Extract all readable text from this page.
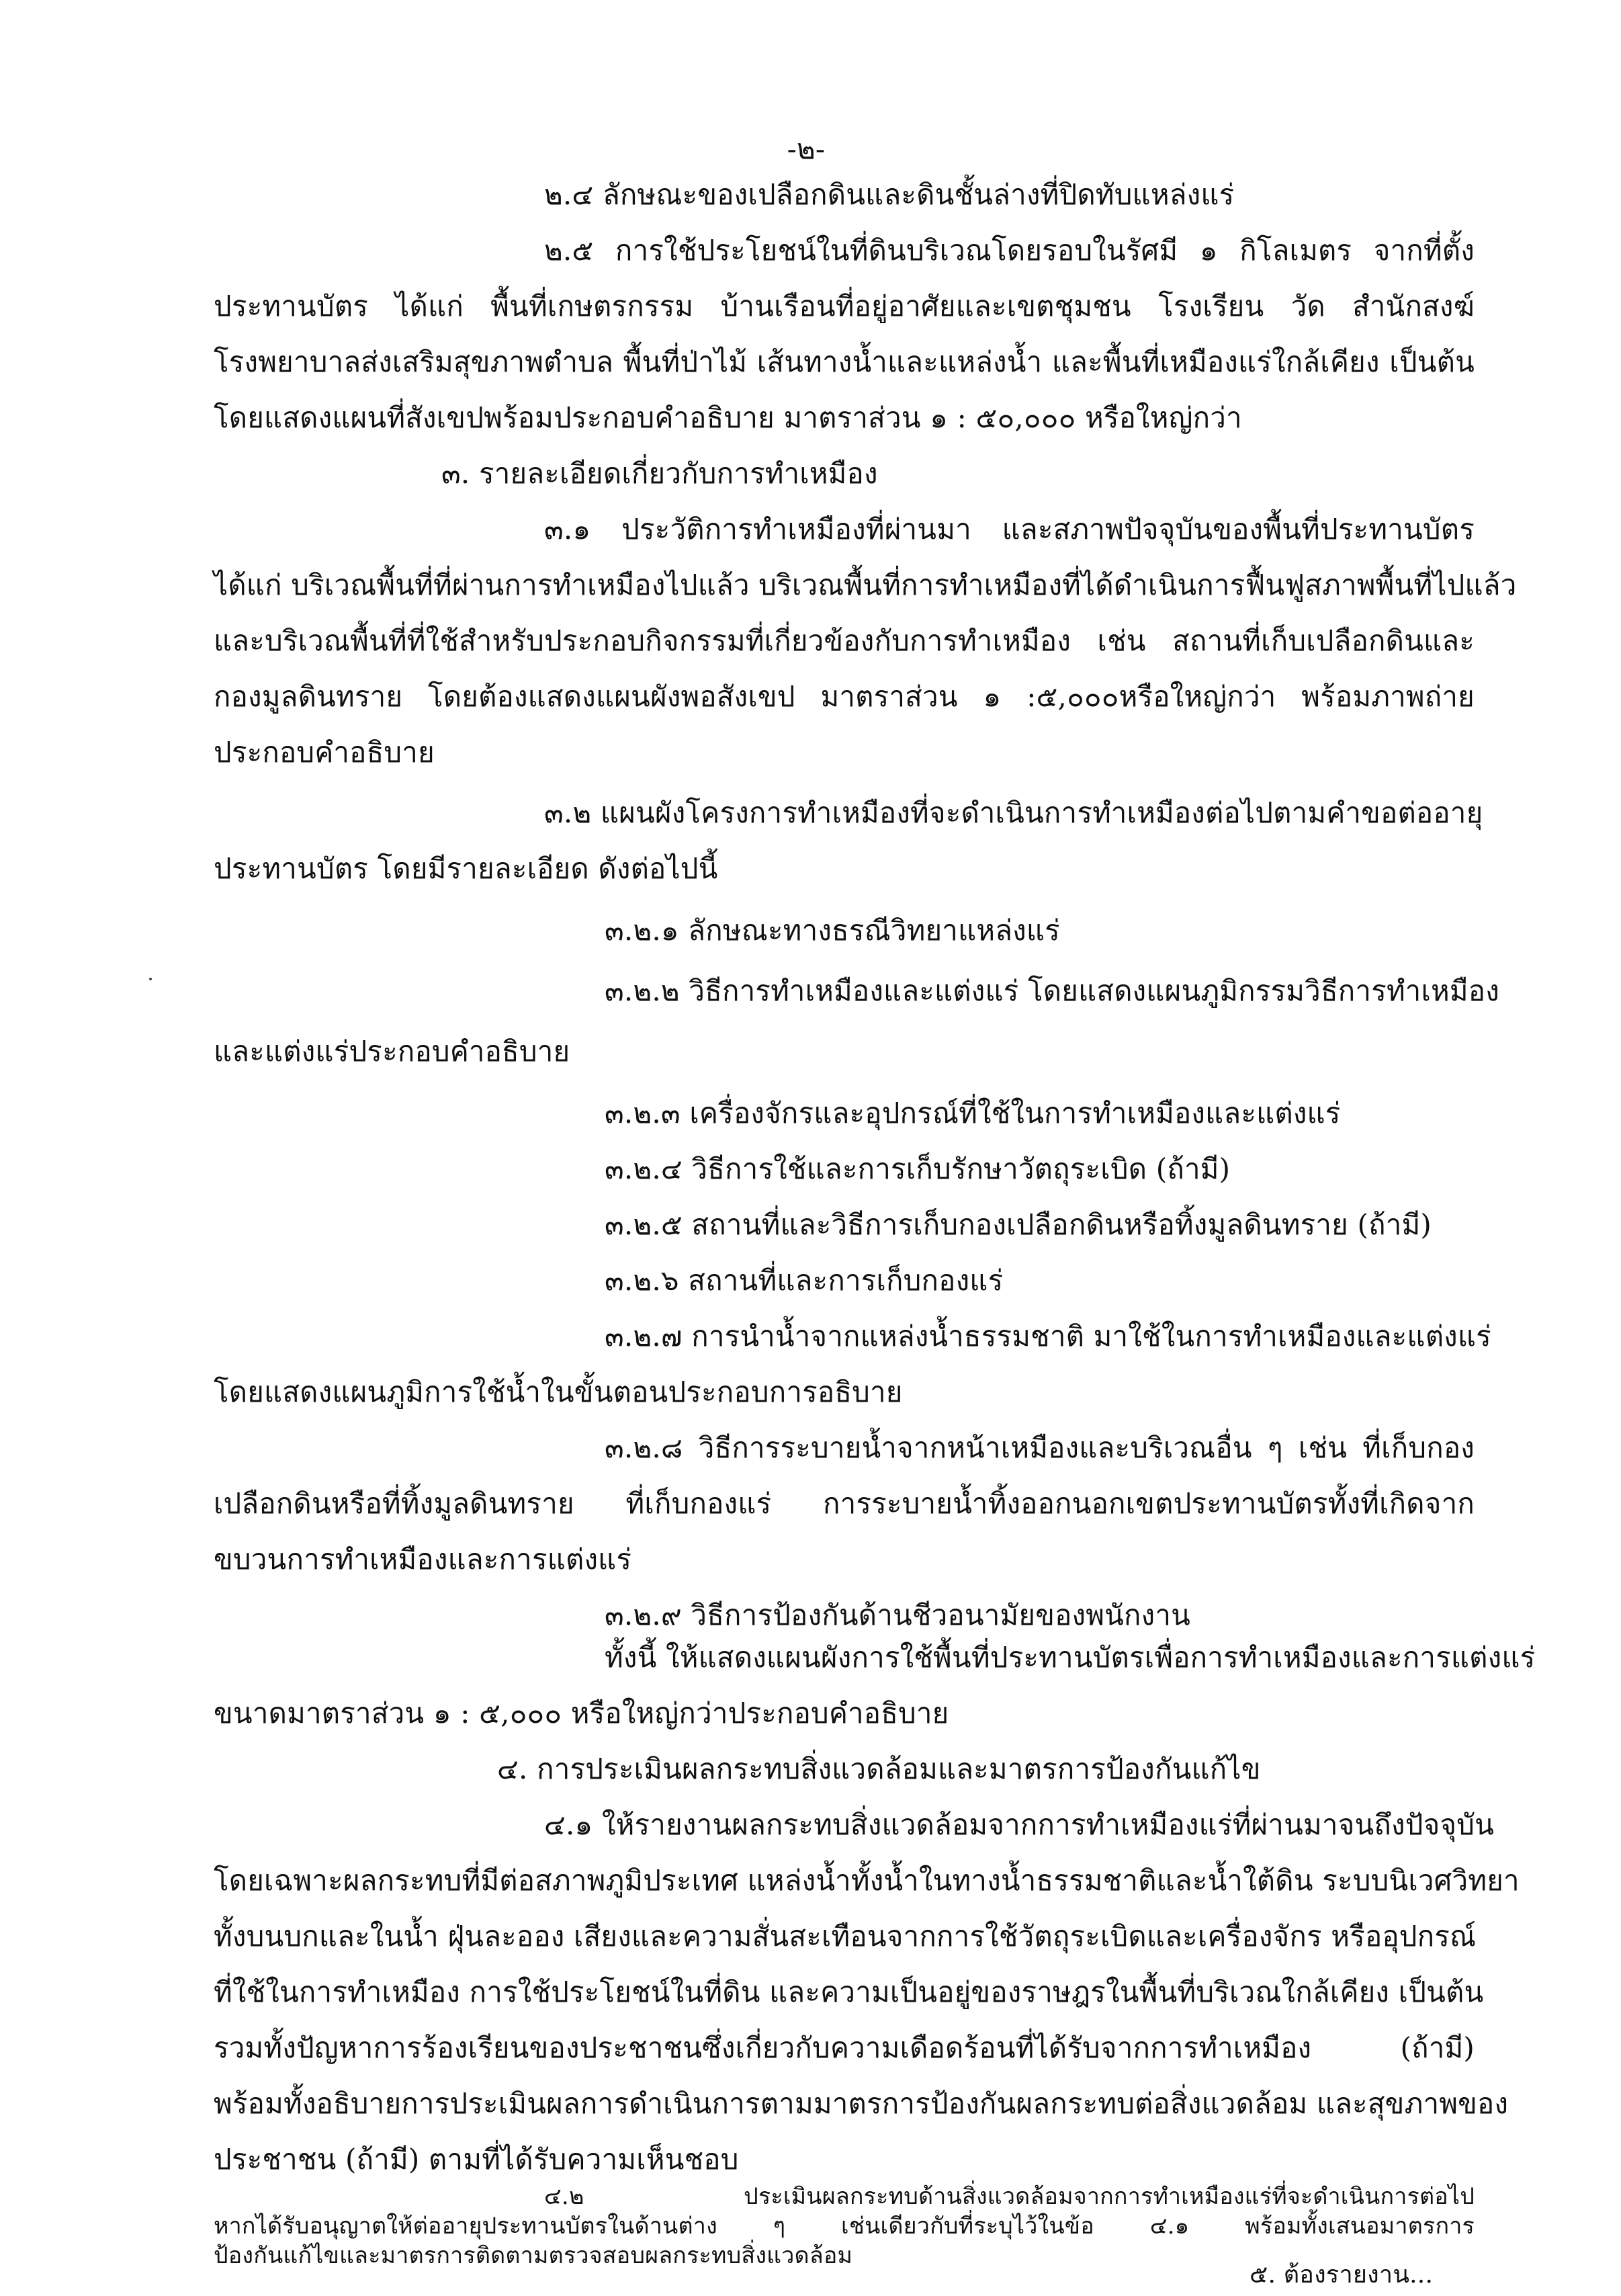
-๒-
๒.๔ ลักษณะของเปลือกดินและดินชั้นล่างที่ปิดทับแหล่งแร่
๒.๕ การใช้ประโยชน์ในที่ดินบริเวณโดยรอบในรัศมี ๑ กิโลเมตร จากที่ตั้ง
ประทานบัตร ได้แก่ พื้นที่เกษตรกรรม บ้านเรือนที่อยู่อาศัยและเขตชุมชน โรงเรียน วัด สำนักสงฆ์
โรงพยาบาลส่งเสริมสุขภาพตำบล พื้นที่ป่าไม้ เส้นทางน้ำและแหล่งน้ำ และพื้นที่เหมืองแร่ใกล้เคียง เป็นต้น
โดยแสดงแผนที่สังเขปพร้อมประกอบคำอธิบาย มาตราส่วน ๑ : ๕๐,๐๐๐ หรือใหญ่กว่า
๓. รายละเอียดเกี่ยวกับการทำเหมือง
๓.๑ ประวัติการทำเหมืองที่ผ่านมา และสภาพปัจจุบันของพื้นที่ประทานบัตร
ได้แก่ บริเวณพื้นที่ที่ผ่านการทำเหมืองไปแล้ว บริเวณพื้นที่การทำเหมืองที่ได้ดำเนินการฟื้นฟูสภาพพื้นที่ไปแล้ว
และบริเวณพื้นที่ที่ใช้สำหรับประกอบกิจกรรมที่เกี่ยวข้องกับการทำเหมือง เช่น สถานที่เก็บเปลือกดินและ
กองมูลดินทราย โดยต้องแสดงแผนผังพอสังเขป มาตราส่วน ๑ :๕,๐๐๐หรือใหญ่กว่า พร้อมภาพถ่าย
ประกอบคำอธิบาย
๓.๒ แผนผังโครงการทำเหมืองที่จะดำเนินการทำเหมืองต่อไปตามคำขอต่ออายุ
ประทานบัตร โดยมีรายละเอียด ดังต่อไปนี้
๓.๒.๑ ลักษณะทางธรณีวิทยาแหล่งแร่
๓.๒.๒ วิธีการทำเหมืองและแต่งแร่ โดยแสดงแผนภูมิกรรมวิธีการทำเหมือง
และแต่งแร่ประกอบคำอธิบาย
๓.๒.๓ เครื่องจักรและอุปกรณ์ที่ใช้ในการทำเหมืองและแต่งแร่
๓.๒.๔ วิธีการใช้และการเก็บรักษาวัตถุระเบิด (ถ้ามี)
๓.๒.๕ สถานที่และวิธีการเก็บกองเปลือกดินหรือทิ้งมูลดินทราย (ถ้ามี)
๓.๒.๖ สถานที่และการเก็บกองแร่
๓.๒.๗ การนำน้ำจากแหล่งน้ำธรรมชาติ มาใช้ในการทำเหมืองและแต่งแร่
โดยแสดงแผนภูมิการใช้น้ำในขั้นตอนประกอบการอธิบาย
๓.๒.๘ วิธีการระบายน้ำจากหน้าเหมืองและบริเวณอื่น ๆ เช่น ที่เก็บกอง
เปลือกดินหรือที่ทิ้งมูลดินทราย ที่เก็บกองแร่ การระบายน้ำทิ้งออกนอกเขตประทานบัตรทั้งที่เกิดจาก
ขบวนการทำเหมืองและการแต่งแร่
๓.๒.๙ วิธีการป้องกันด้านชีวอนามัยของพนักงาน
ทั้งนี้ ให้แสดงแผนผังการใช้พื้นที่ประทานบัตรเพื่อการทำเหมืองและการแต่งแร่
ขนาดมาตราส่วน ๑ : ๕,๐๐๐ หรือใหญ่กว่าประกอบคำอธิบาย
๔. การประเมินผลกระทบสิ่งแวดล้อมและมาตรการป้องกันแก้ไข
๔.๑ ให้รายงานผลกระทบสิ่งแวดล้อมจากการทำเหมืองแร่ที่ผ่านมาจนถึงปัจจุบัน
โดยเฉพาะผลกระทบที่มีต่อสภาพภูมิประเทศ แหล่งน้ำทั้งน้ำในทางน้ำธรรมชาติและน้ำใต้ดิน ระบบนิเวศวิทยา
ทั้งบนบกและในน้ำ ฝุ่นละออง เสียงและความสั่นสะเทือนจากการใช้วัตถุระเบิดและเครื่องจักร หรืออุปกรณ์
ที่ใช้ในการทำเหมือง การใช้ประโยชน์ในที่ดิน และความเป็นอยู่ของราษฎรในพื้นที่บริเวณใกล้เคียง เป็นต้น
รวมทั้งปัญหาการร้องเรียนของประชาชนซึ่งเกี่ยวกับความเดือดร้อนที่ได้รับจากการทำเหมือง (ถ้ามี)
พร้อมทั้งอธิบายการประเมินผลการดำเนินการตามมาตรการป้องกันผลกระทบต่อสิ่งแวดล้อม และสุขภาพของ
ประชาชน (ถ้ามี) ตามที่ได้รับความเห็นชอบ
๔.๒ ประเมินผลกระทบด้านสิ่งแวดล้อมจากการทำเหมืองแร่ที่จะดำเนินการต่อไป
หากได้รับอนุญาตให้ต่ออายุประทานบัตรในด้านต่าง ๆ เช่นเดียวกับที่ระบุไว้ในข้อ ๔.๑ พร้อมทั้งเสนอมาตรการ
ป้องกันแก้ไขและมาตรการติดตามตรวจสอบผลกระทบสิ่งแวดล้อม
๕. ต้องรายงาน...
